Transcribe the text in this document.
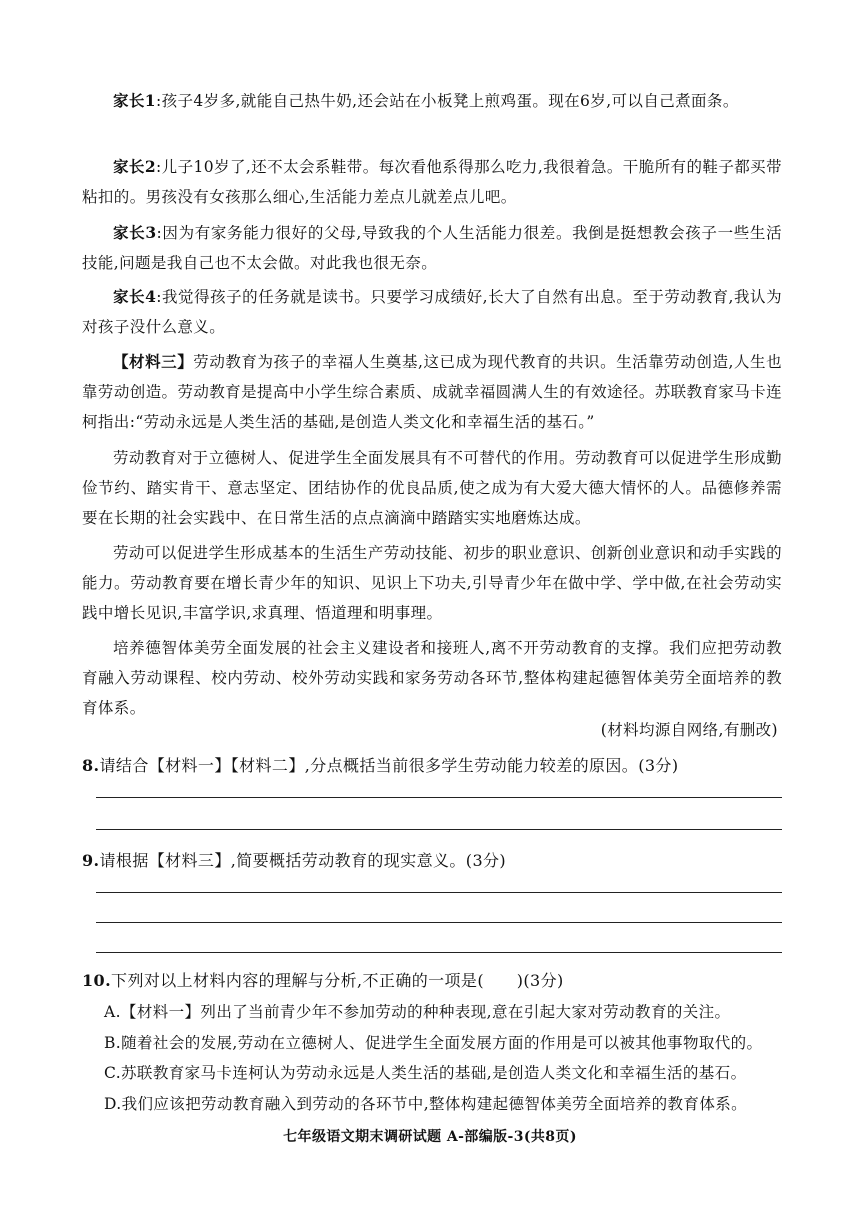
家长1:孩子4岁多,就能自己热牛奶,还会站在小板凳上煎鸡蛋。现在6岁,可以自己煮面条。

家长2:儿子10岁了,还不太会系鞋带。每次看他系得那么吃力,我很着急。干脆所有的鞋子都买带粘扣的。男孩没有女孩那么细心,生活能力差点儿就差点儿吧。

家长3:因为有家务能力很好的父母,导致我的个人生活能力很差。我倒是挺想教会孩子一些生活技能,问题是我自己也不太会做。对此我也很无奈。

家长4:我觉得孩子的任务就是读书。只要学习成绩好,长大了自然有出息。至于劳动教育,我认为对孩子没什么意义。

【材料三】劳动教育为孩子的幸福人生奠基,这已成为现代教育的共识。生活靠劳动创造,人生也靠劳动创造。劳动教育是提高中小学生综合素质、成就幸福圆满人生的有效途径。苏联教育家马卡连柯指出:“劳动永远是人类生活的基础,是创造人类文化和幸福生活的基石。”

劳动教育对于立德树人、促进学生全面发展具有不可替代的作用。劳动教育可以促进学生形成勤俭节约、踏实肯干、意志坚定、团结协作的优良品质,使之成为有大爱大德大情怀的人。品德修养需要在长期的社会实践中、在日常生活的点点滴滴中踏踏实实地磨炼达成。

劳动可以促进学生形成基本的生活生产劳动技能、初步的职业意识、创新创业意识和动手实践的能力。劳动教育要在增长青少年的知识、见识上下功夫,引导青少年在做中学、学中做,在社会劳动实践中增长见识,丰富学识,求真理、悟道理和明事理。

培养德智体美劳全面发展的社会主义建设者和接班人,离不开劳动教育的支撑。我们应把劳动教育融入劳动课程、校内劳动、校外劳动实践和家务劳动各环节,整体构建起德智体美劳全面培养的教育体系。

(材料均源自网络,有删改)

8.请结合【材料一】【材料二】,分点概括当前很多学生劳动能力较差的原因。(3分)

9.请根据【材料三】,简要概括劳动教育的现实意义。(3分)

10.下列对以上材料内容的理解与分析,不正确的一项是(　　)(3分)

A.【材料一】列出了当前青少年不参加劳动的种种表现,意在引起大家对劳动教育的关注。

B.随着社会的发展,劳动在立德树人、促进学生全面发展方面的作用是可以被其他事物取代的。

C.苏联教育家马卡连柯认为劳动永远是人类生活的基础,是创造人类文化和幸福生活的基石。

D.我们应该把劳动教育融入到劳动的各环节中,整体构建起德智体美劳全面培养的教育体系。

七年级语文期末调研试题 A-部编版-3(共8页)
